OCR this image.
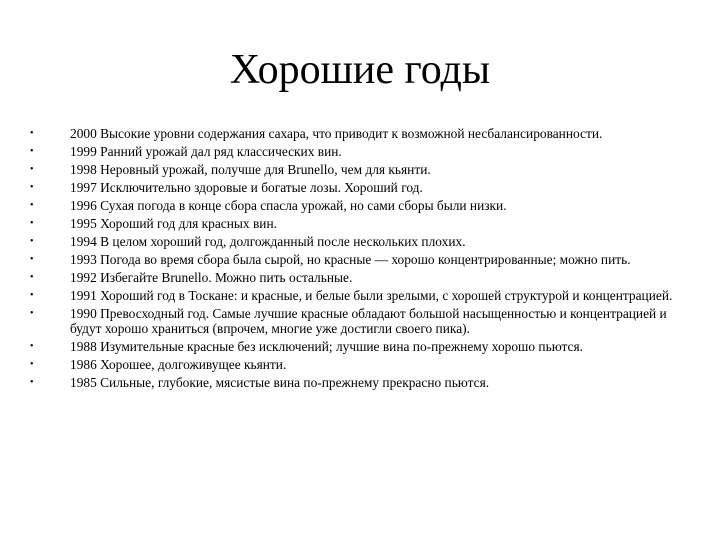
Хорошие годы
•	2000 Высокие уровни содержания сахара, что приводит к возможной несбалансированности.
•	1999 Ранний урожай дал ряд классических вин.
•	1998 Неровный урожай, получше для Brunello, чем для кьянти.
•	1997 Исключительно здоровые и богатые лозы. Хороший год.
•	1996 Сухая погода в конце сбора спасла урожай, но сами сборы были низки.
•	1995 Хороший год для красных вин.
•	1994 В целом хороший год, долгожданный после нескольких плохих.
•	1993 Погода во время сбора была сырой, но красные — хорошо концентрированные; можно пить.
•	1992 Избегайте Brunello. Можно пить остальные.
•	1991 Хороший год в Тоскане: и красные, и белые были зрелыми, с хорошей структурой и концентрацией.
•	1990 Превосходный год. Самые лучшие красные обладают большой насыщенностью и концентрацией и будут хорошо храниться (впрочем, многие уже достигли своего пика).
•	1988 Изумительные красные без исключений; лучшие вина по-прежнему хорошо пьются.
•	1986 Хорошее, долгоживущее кьянти.
•	1985 Сильные, глубокие, мясистые вина по-прежнему прекрасно пьются.
